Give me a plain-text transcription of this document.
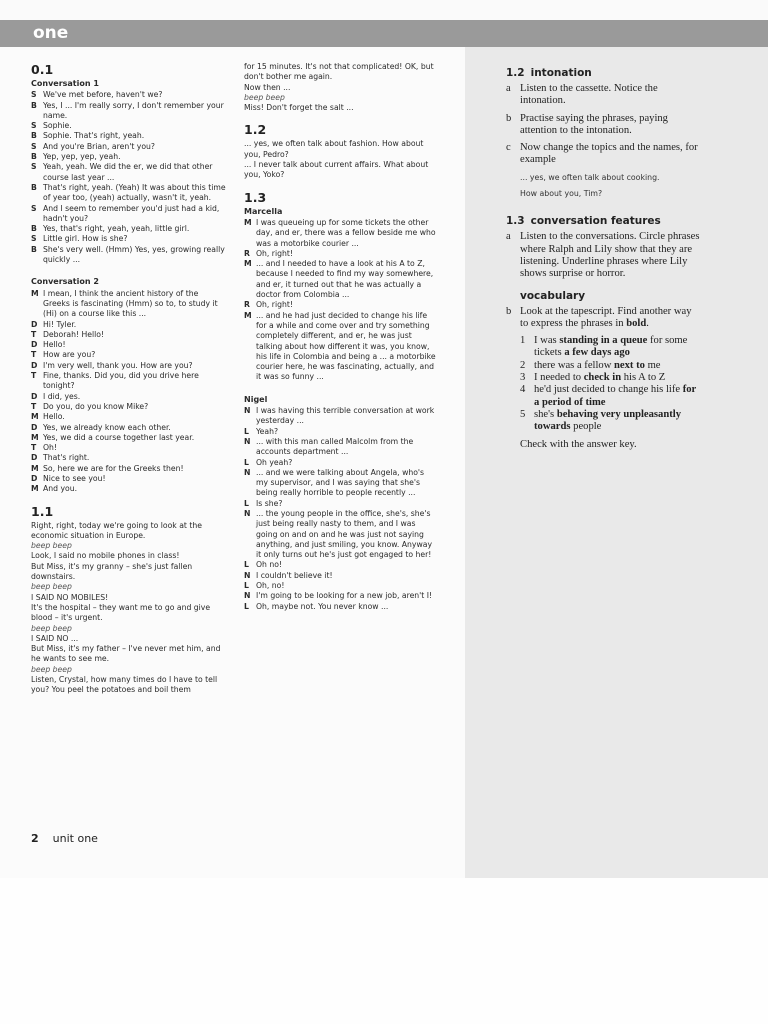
one
0.1
Conversation 1
S We've met before, haven't we?
B Yes, I ... I'm really sorry, I don't remember your name.
S Sophie.
B Sophie. That's right, yeah.
S And you're Brian, aren't you?
B Yep, yep, yep, yeah.
S Yeah, yeah. We did the er, we did that other course last year ...
B That's right, yeah. (Yeah) It was about this time of year too, (yeah) actually, wasn't it, yeah.
S And I seem to remember you'd just had a kid, hadn't you?
B Yes, that's right, yeah, yeah, little girl.
S Little girl. How is she?
B She's very well. (Hmm) Yes, yes, growing really quickly ...
Conversation 2
M I mean, I think the ancient history of the Greeks is fascinating (Hmm) so to, to study it (Hi) on a course like this ...
D Hi! Tyler.
T Deborah! Hello!
D Hello!
T How are you?
D I'm very well, thank you. How are you?
T Fine, thanks. Did you, did you drive here tonight?
D I did, yes.
T Do you, do you know Mike?
M Hello.
D Yes, we already know each other.
M Yes, we did a course together last year.
T Oh!
D That's right.
M So, here we are for the Greeks then!
D Nice to see you!
M And you.
1.1
Right, right, today we're going to look at the economic situation in Europe.
beep beep
Look, I said no mobile phones in class!
But Miss, it's my granny – she's just fallen downstairs.
beep beep
I SAID NO MOBILES!
It's the hospital – they want me to go and give blood – it's urgent.
beep beep
I SAID NO ...
But Miss, it's my father – I've never met him, and he wants to see me.
beep beep
Listen, Crystal, how many times do I have to tell you? You peel the potatoes and boil them
for 15 minutes. It's not that complicated! OK, but don't bother me again.
Now then ...
beep beep
Miss! Don't forget the salt ...
1.2
... yes, we often talk about fashion. How about you, Pedro?
... I never talk about current affairs. What about you, Yoko?
1.3
Marcella
M I was queueing up for some tickets the other day, and er, there was a fellow beside me who was a motorbike courier ...
R Oh, right!
M ... and I needed to have a look at his A to Z, because I needed to find my way somewhere, and er, it turned out that he was actually a doctor from Colombia ...
R Oh, right!
M ... and he had just decided to change his life for a while and come over and try something completely different, and er, he was just talking about how different it was, you know, his life in Colombia and being a ... a motorbike courier here, he was fascinating, actually, and it was so funny ...
Nigel
N I was having this terrible conversation at work yesterday ...
L Yeah?
N ... with this man called Malcolm from the accounts department ...
L Oh yeah?
N ... and we were talking about Angela, who's my supervisor, and I was saying that she's being really horrible to people recently ...
L Is she?
N ... the young people in the office, she's, she's just being really nasty to them, and I was going on and on and he was just not saying anything, and just smiling, you know. Anyway it only turns out he's just got engaged to her!
L Oh no!
N I couldn't believe it!
L Oh, no!
N I'm going to be looking for a new job, aren't I!
L Oh, maybe not. You never know ...
1.2 intonation
a Listen to the cassette. Notice the intonation.
b Practise saying the phrases, paying attention to the intonation.
c Now change the topics and the names, for example
... yes, we often talk about cooking.
How about you, Tim?
1.3 conversation features
a Listen to the conversations. Circle phrases where Ralph and Lily show that they are listening. Underline phrases where Lily shows surprise or horror.
vocabulary
b Look at the tapescript. Find another way to express the phrases in bold.
1 I was standing in a queue for some tickets a few days ago
2 there was a fellow next to me
3 I needed to check in his A to Z
4 he'd just decided to change his life for a period of time
5 she's behaving very unpleasantly towards people
Check with the answer key.
2 unit one
